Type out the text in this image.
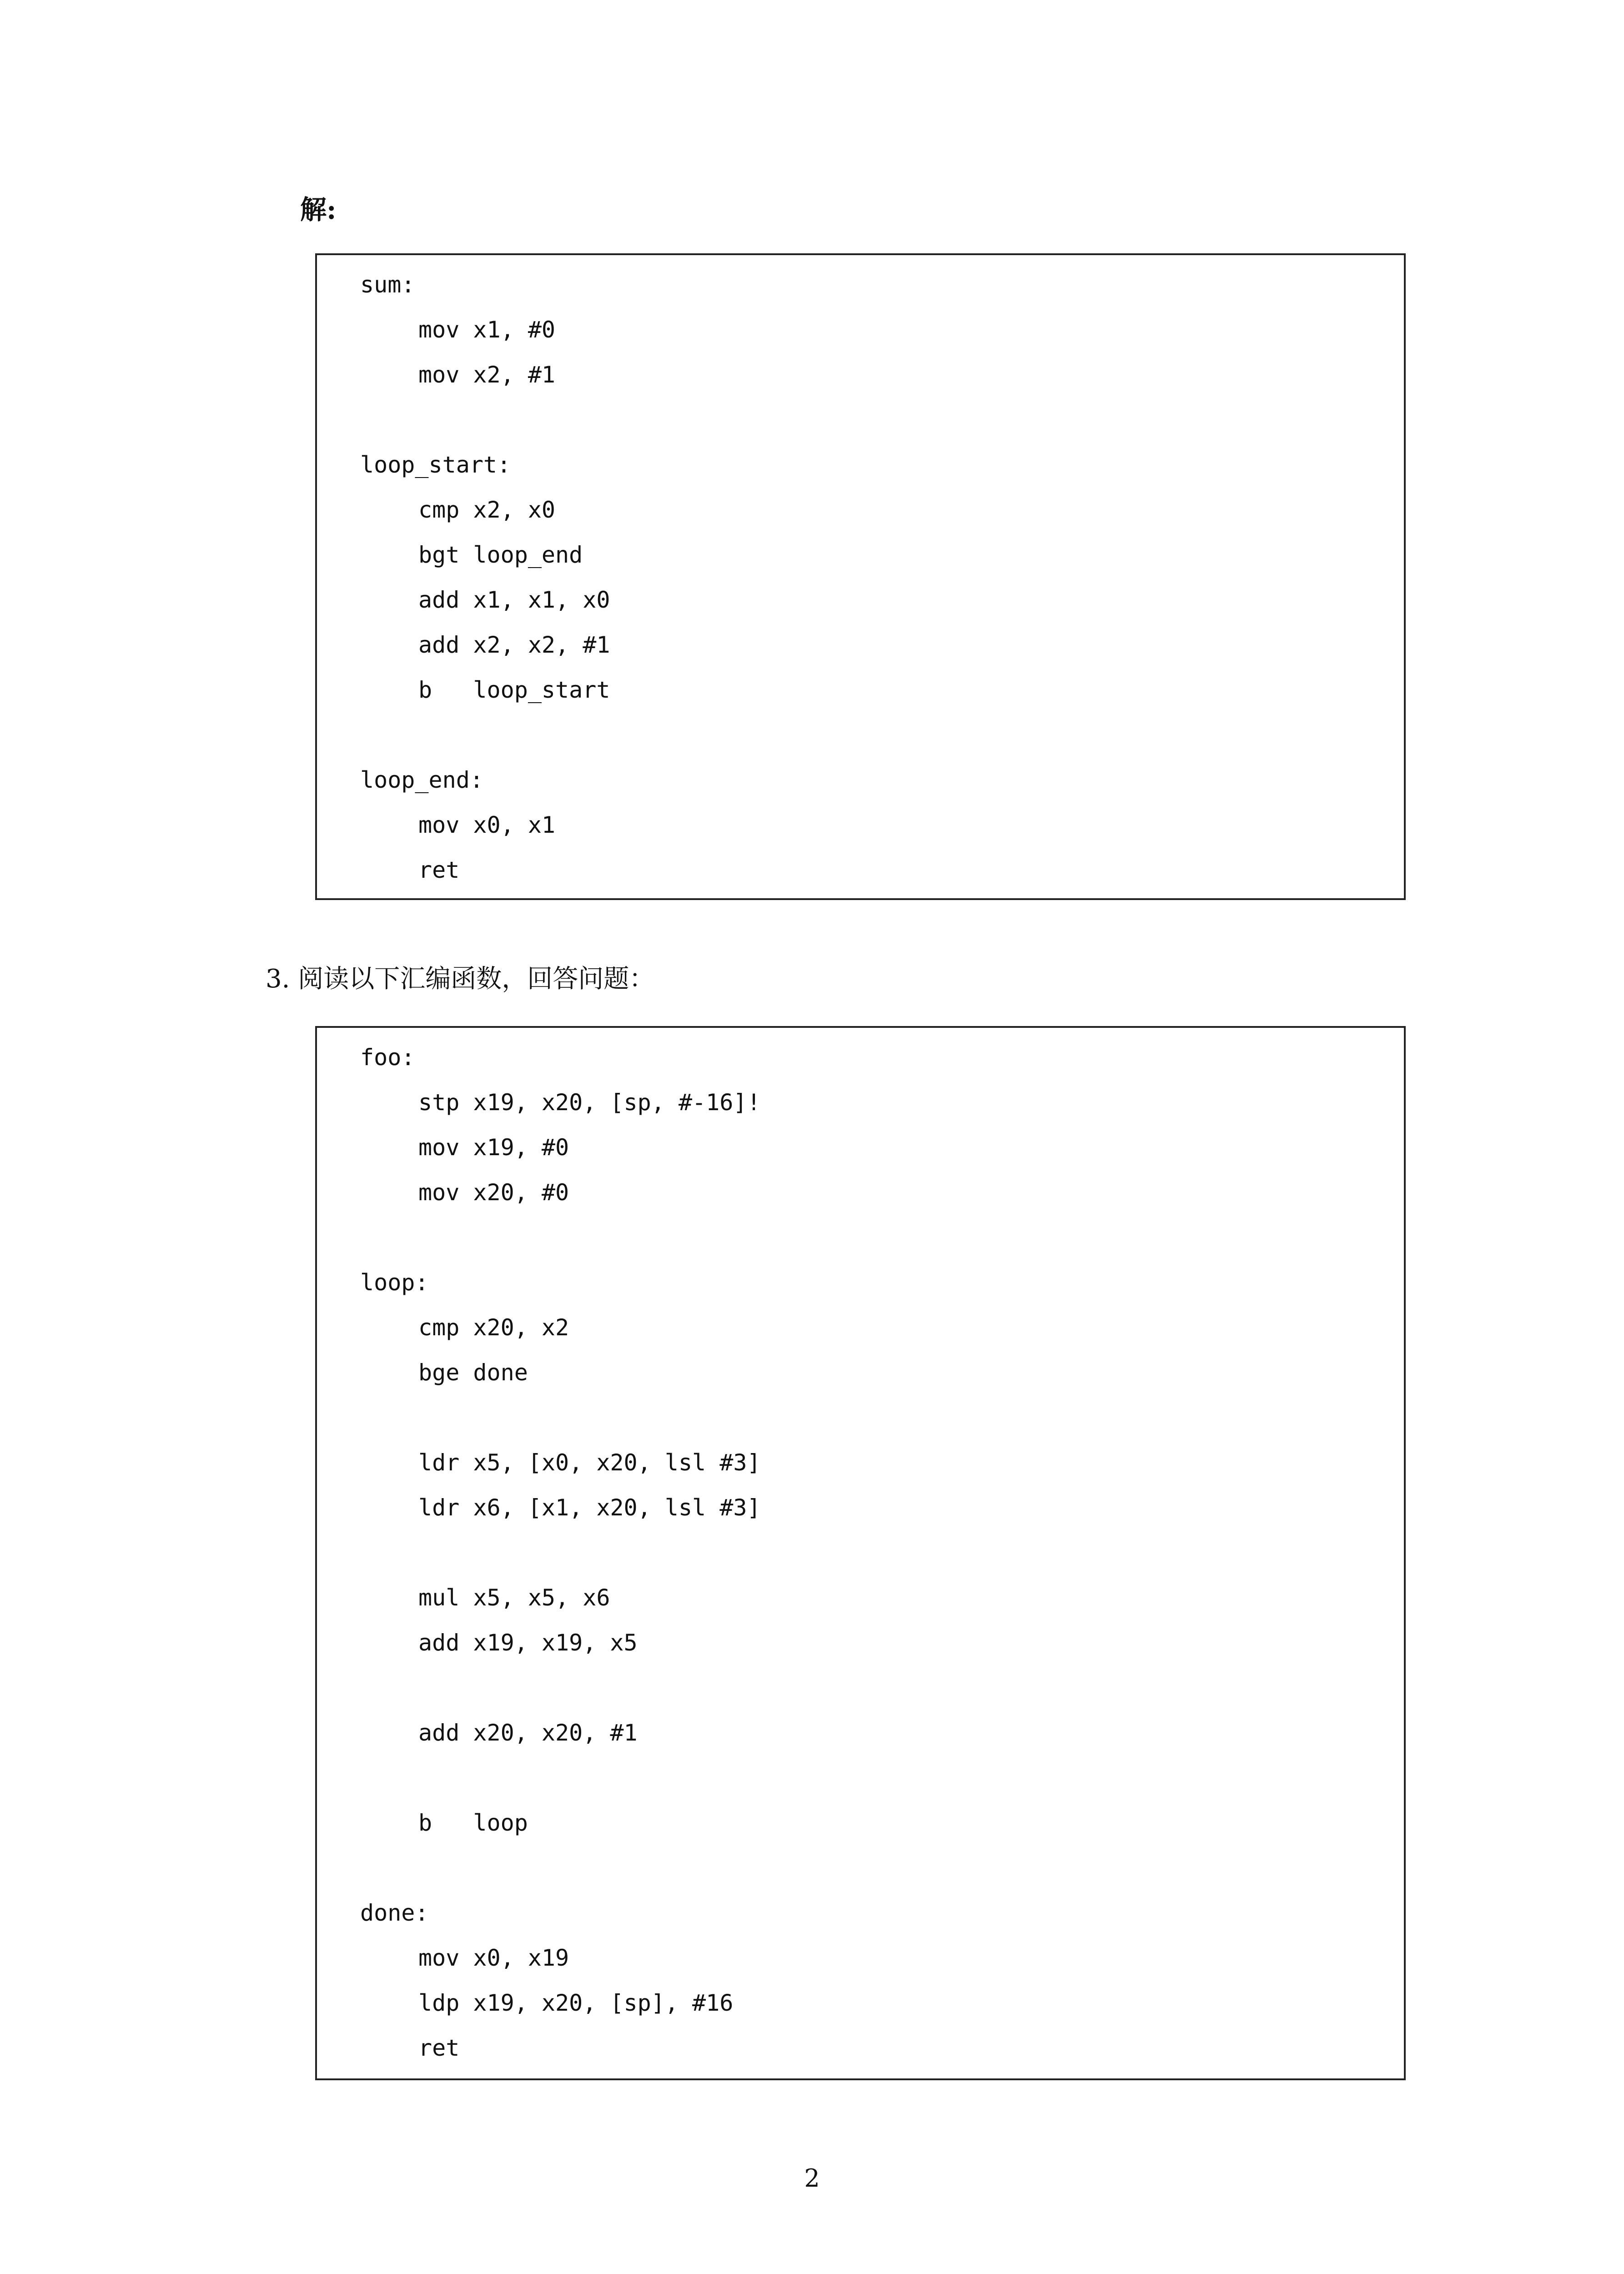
解:
sum:
mov x1, #0
mov x2, #1
loop_start:
cmp x2, x0
bgt loop_end
add x1, x1, x0
add x2, x2, #1
b   loop_start
loop_end:
mov x0, x1
ret

3. 阅读以下汇编函数，回答问题：

foo:
stp x19, x20, [sp, #-16]!
mov x19, #0
mov x20, #0
loop:
cmp x20, x2
bge done
ldr x5, [x0, x20, lsl #3]
ldr x6, [x1, x20, lsl #3]
mul x5, x5, x6
add x19, x19, x5
add x20, x20, #1
b   loop
done:
mov x0, x19
ldp x19, x20, [sp], #16
ret
2
